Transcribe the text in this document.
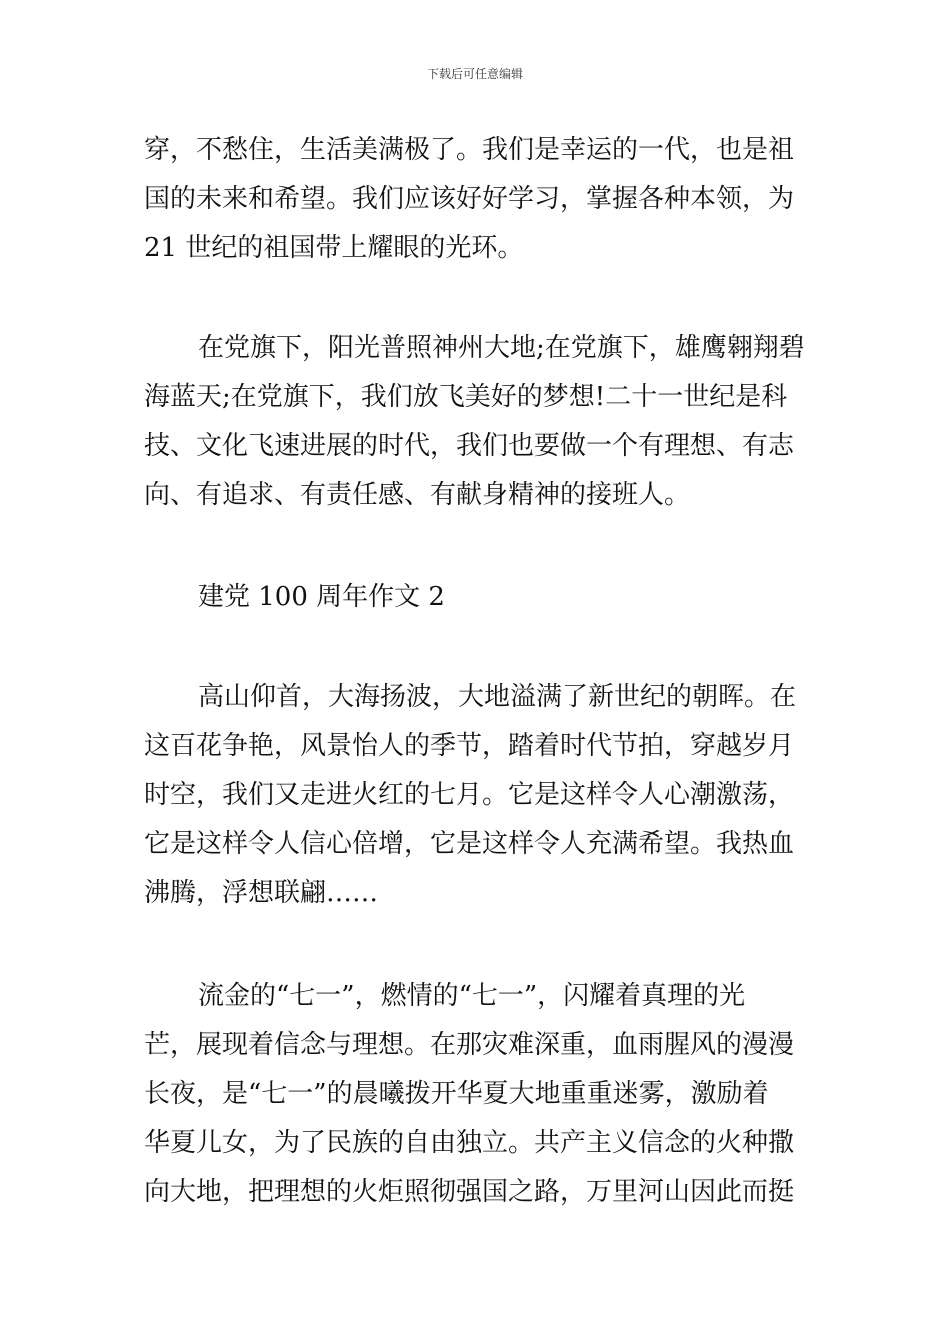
下载后可任意编辑
穿，不愁住，生活美满极了。我们是幸运的一代，也是祖
国的未来和希望。我们应该好好学习，掌握各种本领，为
21 世纪的祖国带上耀眼的光环。
在党旗下，阳光普照神州大地;在党旗下，雄鹰翱翔碧
海蓝天;在党旗下，我们放飞美好的梦想!二十一世纪是科
技、文化飞速进展的时代，我们也要做一个有理想、有志
向、有追求、有责任感、有献身精神的接班人。
建党 100 周年作文 2
高山仰首，大海扬波，大地溢满了新世纪的朝晖。在
这百花争艳，风景怡人的季节，踏着时代节拍，穿越岁月
时空，我们又走进火红的七月。它是这样令人心潮激荡，
它是这样令人信心倍增，它是这样令人充满希望。我热血
沸腾，浮想联翩……
流金的“七一”，燃情的“七一”，闪耀着真理的光
芒，展现着信念与理想。在那灾难深重，血雨腥风的漫漫
长夜，是“七一”的晨曦拨开华夏大地重重迷雾，激励着
华夏儿女，为了民族的自由独立。共产主义信念的火种撒
向大地，把理想的火炬照彻强国之路，万里河山因此而挺
